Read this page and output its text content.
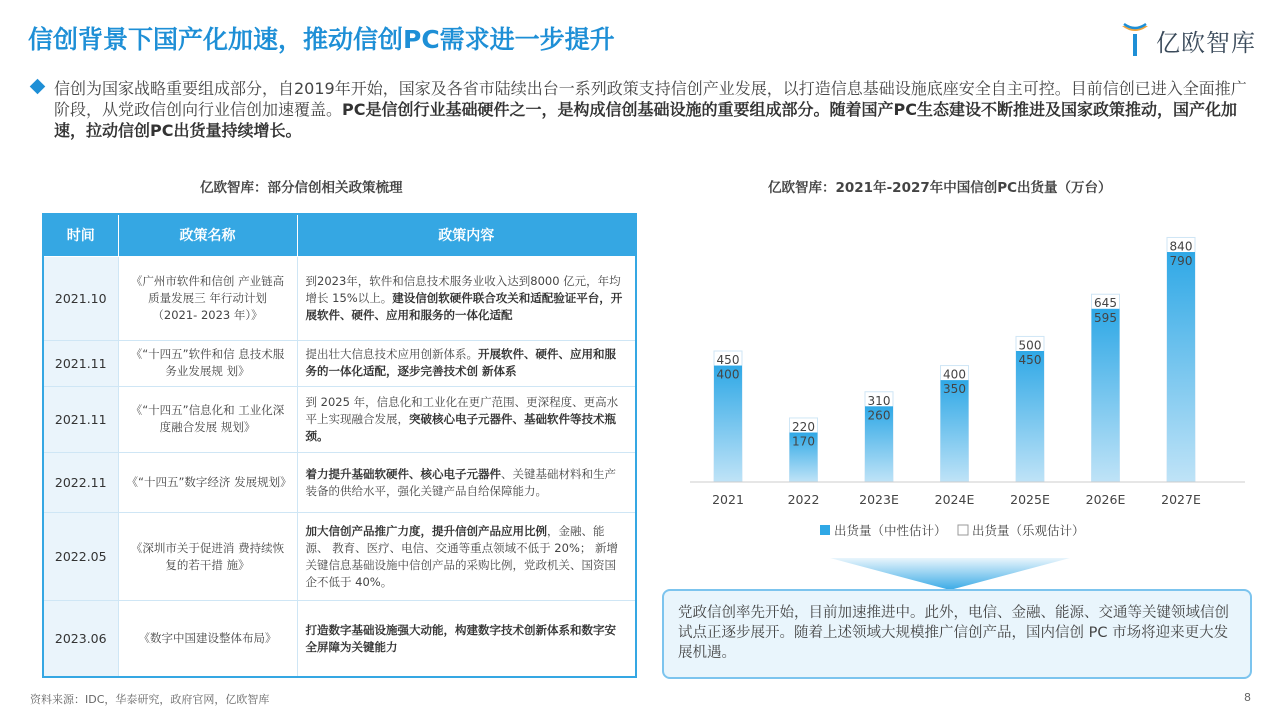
信创背景下国产化加速，推动信创PC需求进一步提升	亿欧智库

信创为国家战略重要组成部分，自2019年开始，国家及各省市陆续出台一系列政策支持信创产业发展，以打造信息基础设施底座安全自主可控。目前信创已进入全面推广阶段，从党政信创向行业信创加速覆盖。PC是信创行业基础硬件之一，是构成信创基础设施的重要组成部分。随着国产PC生态建设不断推进及国家政策推动，国产化加速，拉动信创PC出货量持续增长。

亿欧智库：部分信创相关政策梳理
时间	政策名称	政策内容
2021.10	《广州市软件和信创 产业链高质量发展三 年行动计划（2021- 2023 年）》	到2023年，软件和信息技术服务业收入达到8000 亿元，年均增长 15%以上。建设信创软硬件联合攻关和适配验证平台，开展软件、硬件、应用和服务的一体化适配
2021.11	《“十四五”软件和信 息技术服务业发展规 划》	提出壮大信息技术应用创新体系。开展软件、硬件、应用和服务的一体化适配，逐步完善技术创 新体系
2021.11	《“十四五”信息化和 工业化深度融合发展 规划》	到 2025 年，信息化和工业化在更广范围、更深程度、更高水平上实现融合发展，突破核心电子元器件、基础软件等技术瓶颈。
2022.11	《“十四五”数字经济 发展规划》	着力提升基础软硬件、核心电子元器件、关键基础材料和生产装备的供给水平，强化关键产品自给保障能力。
2022.05	《深圳市关于促进消 费持续恢复的若干措 施》	加大信创产品推广力度，提升信创产品应用比例，金融、能源、 教育、医疗、电信、交通等重点领域不低于 20%； 新增关键信息基础设施中信创产品的采购比例，党政机关、国资国企不低于 40%。
2023.06	《数字中国建设整体布局》	打造数字基础设施强大动能，构建数字技术创新体系和数字安全屏障为关键能力
亿欧智库：2021年-2027年中国信创PC出货量（万台）
450
400
220
170
310
260
400
350
500
450
645
595
840
790
2021	2022	2023E	2024E	2025E	2026E	2027E
出货量（中性估计） 出货量（乐观估计）
党政信创率先开始，目前加速推进中。此外，电信、金融、能源、交通等关键领域信创试点正逐步展开。随着上述领域大规模推广信创产品，国内信创 PC 市场将迎来更大发展机遇。
资料来源：IDC，华泰研究，政府官网，亿欧智库	8
